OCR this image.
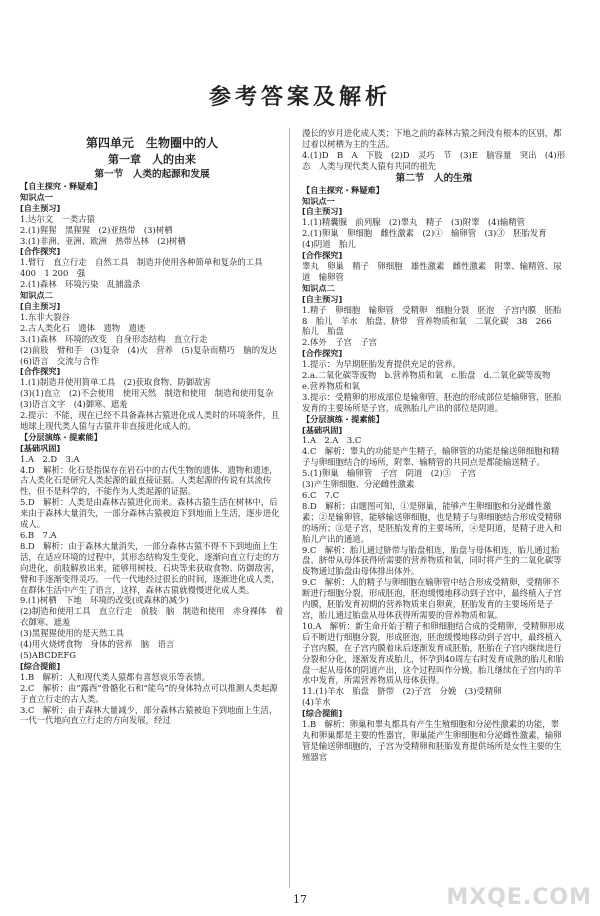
参考答案及解析
第四单元　生物圈中的人
第一章　人的由来
第一节　人类的起源和发展
【自主探究・释疑难】
知识点一
[自主预习]
1.达尔文　一类古猿
2.(1)猩猩　黑猩猩　(2)亚热带　(3)树栖
3.(1)非洲、亚洲、欧洲　热带丛林　(2)树栖
[合作探究]
1.臂行　直立行走　自然工具　制造并使用各种简单和复杂的工具　400　1 200　强
2.(1)森林　环境污染　乱捕滥杀
知识点二
[自主预习]
1.东非大裂谷
2.古人类化石　遗体　遗物　遗迹
3.(1)森林　环境的改变　自身形态结构　直立行走
(2)前肢　臂和手　(3)复杂　(4)火　营养　(5)复杂而精巧　脑的发达　(6)语言　交流与合作
[合作探究]
1.(1)制造并使用简单工具　(2)获取食物、防御敌害
(3)(1)直立　(2)不会使用　使用天然　制造和使用　制造和使用复杂　(3)语言文字　(4)御寒、遮羞
2.提示：不能，现在已经不具备森林古猿进化成人类时的环境条件，且地球上现代类人猿与古猿并非直接进化成人的。
【分层演练・提素能】
[基础巩固]
1.A　2.D　3.A
4.D　解析：化石是指保存在岩石中的古代生物的遗体、遗物和遗迹，古人类化石是研究人类起源的最直接证据。人类起源的传说有其流传性，但不是科学的，不能作为人类起源的证据。
5.D　解析：人类是由森林古猿进化而来。森林古猿生活在树林中，后来由于森林大量消失，一部分森林古猿被迫下到地面上生活，逐步进化成人。
6.B　7.A
8.D　解析：由于森林大量消失，一部分森林古猿不得不下到地面上生活，在适应环境的过程中，其形态结构发生变化，逐渐向直立行走的方向进化，前肢解放出来，能够用树枝、石块等来获取食物、防御敌害，臂和手逐渐变得灵巧。一代一代地经过很长的时间，逐渐进化成人类，在群体生活中产生了语言，这样，森林古猿就慢慢进化成人类。
9.(1)树栖　下地　环境的改变(或森林的减少)
(2)制造和使用工具　直立行走　前肢　脑　制造和使用　赤身裸体　着衣御寒、遮羞
(3)黑猩猩使用的是天然工具
(4)用火烧烤食物　身体的营养　脑　语言
(5)ABCDEFG
[综合提能]
1.B　解析：人和现代类人猿都有喜怒哀乐等表情。
2.C　解析：由“露西”骨骼化石和“能鸟”的身体特点可以推测人类起源于直立行走的古人类。
3.C　解析：由于森林大量减少，部分森林古猿被迫下到地面上生活，一代一代地向直立行走的方向发展，经过
漫长的岁月进化成人类；下地之前的森林古猿之间没有根本的区别，都过着以树栖为主的生活。
4.(1)D　B　A　下肢　(2)D　灵巧　节　(3)E　脑容量　突出　(4)形态　人类与现代类人猿有共同的祖先
第二节　人的生殖
【自主探究・释疑难】
知识点一
[自主预习]
1.(1)精囊腺　前列腺　(2)睾丸　精子　(3)附睾　(4)输精管
2.(1)卵巢　卵细胞　雌性激素　(2)①　输卵管　(3)③　胚胎发育　(4)阴道　胎儿
[合作探究]
睾丸　卵巢　精子　卵细胞　雄性激素　雌性激素　附睾、输精管、尿道　输卵管
知识点二
[自主预习]
1.精子　卵细胞　输卵管　受精卵　细胞分裂　胚泡　子宫内膜　胚胎　8　胎儿　羊水　胎盘、脐带　营养物质和氧　二氧化碳　38　266　胎儿　胎盘
2.体外　子宫　子宫
[合作探究]
1.提示：为早期胚胎发育提供充足的营养。
2.a.二氧化碳等废物　b.营养物质和氧　c.胎盘　d.二氧化碳等废物　e.营养物质和氧
3.提示：受精卵的形成部位是输卵管，胚泡的形成部位是输卵管，胚胎发育的主要场所是子宫，成熟胎儿产出的部位是阴道。
【分层演练・提素能】
[基础巩固]
1.A　2.A　3.C
4.C　解析：睾丸的功能是产生精子，输卵管的功能是输送卵细胞和精子与卵细胞结合的场所，附睾、输精管的共同点是都能输送精子。
5.(1)卵巢　输卵管　子宫　阴道　(2)③　子宫
(3)产生卵细胞、分泌雌性激素
6.C　7.C
8.D　解析：由题图可知，①是卵巢，能够产生卵细胞和分泌雌性激素；②是输卵管，能够输送卵细胞，也是精子与卵细胞结合形成受精卵的场所；③是子宫，是胚胎发育的主要场所，④是阴道，是精子进入和胎儿产出的通道。
9.C　解析：胎儿通过脐带与胎盘相连，胎盘与母体相连，胎儿通过胎盘、脐带从母体获得所需要的营养物质和氧，同时将产生的二氧化碳等废物通过胎盘由母体排出体外。
9.C　解析：人的精子与卵细胞在输卵管中结合形成受精卵，受精卵不断进行细胞分裂，形成胚泡，胚泡缓慢地移动到子宫中，最终植入子宫内膜，胚胎发育初期的营养物质来自卵黄，胚胎发育的主要场所是子宫，胎儿通过胎盘从母体获得所需要的营养物质和氧。
10.A　解析：新生命开始于精子和卵细胞结合成的受精卵，受精卵形成后不断进行细胞分裂，形成胚泡，胚泡缓慢地移动到子宫中，最终植入子宫内膜，在子宫内膜着床后逐渐发育成胚胎，胚胎在子宫内继续进行分裂和分化，逐渐发育成胎儿，怀孕到40周左右时发育成熟的胎儿和胎盘一起从母体的阴道产出，这个过程叫作分娩。胎儿继续在子宫内的羊水中发育，所需营养物质从母体获得。
11.(1)羊水　胎盘　脐带　(2)子宫　分娩　(3)受精卵
(4)羊水
[综合提能]
1.B　解析：卵巢和睾丸都具有产生生殖细胞和分泌性激素的功能，睾丸和卵巢都是主要的性器官，卵巢能产生卵细胞和分泌雌性激素，输卵管是输送卵细胞的，子宫为受精卵和胚胎发育提供场所是女性主要的生殖器官
17	MXQE.COM
